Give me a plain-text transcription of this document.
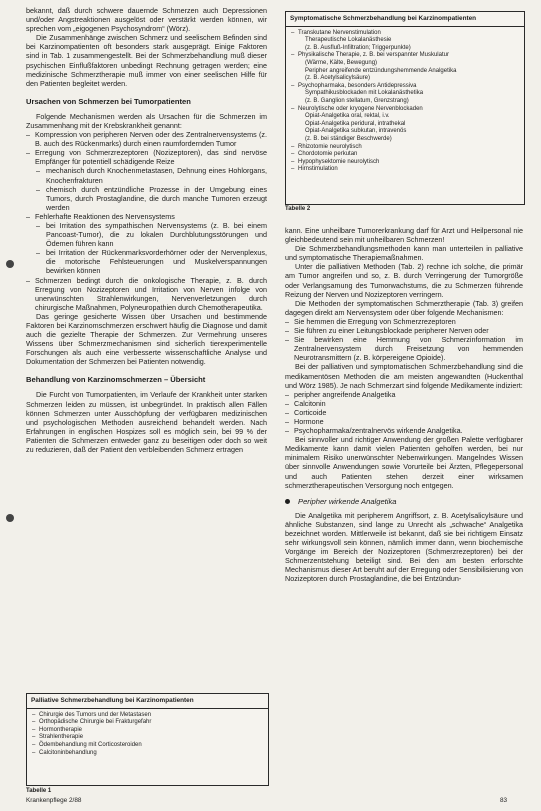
bekannt, daß durch schwere dauernde Schmerzen auch Depressionen und/oder Angstreaktionen ausgelöst oder verstärkt werden können, wir sprechen vom „eigogenen Psychosyndrom“ (Wörz).

Die Zusammenhänge zwischen Schmerz und seelischem Befinden sind bei Karzinompatienten oft besonders stark ausgeprägt. Einige Faktoren sind in Tab. 1 zusammengestellt. Bei der Schmerzbehandlung muß dieser psychischen Einflußfaktoren unbedingt Rechnung getragen werden; eine medizinische Schmerztherapie muß immer von einer seelischen Hilfe für den Patienten begleitet werden.

Ursachen von Schmerzen bei Tumorpatienten

Folgende Mechanismen werden als Ursachen für die Schmerzen im Zusammenhang mit der Krebskrankheit genannt:

– Kompression von peripheren Nerven oder des Zentralnervensystems (z. B. auch des Rückenmarks) durch einen raumfordernden Tumor
– Erregung von Schmerzrezeptoren (Nozizeptoren), das sind nervöse Empfänger für potentiell schädigende Reize
– mechanisch durch Knochenmetastasen, Dehnung eines Hohlorgans, Knochenfrakturen
– chemisch durch entzündliche Prozesse in der Umgebung eines Tumors, durch Prostaglandine, die durch manche Tumoren erzeugt werden
– Fehlerhafte Reaktionen des Nervensystems
– bei Irritation des sympathischen Nervensystems (z. B. bei einem Pancoast-Tumor), die zu lokalen Durchblutungsstörungen und Ödemen führen kann
– bei Irritation der Rückenmarksvorderhörner oder der Nervenplexus, die motorische Fehlsteuerungen und Muskelverspannungen bewirken können
– Schmerzen bedingt durch die onkologische Therapie, z. B. durch Erregung von Nozizeptoren und Irritation von Nerven infolge von unerwünschten Strahlenwirkungen, Nervenverletzungen durch chirurgische Maßnahmen, Polyneuropathien durch Chemotherapeutika.

Das geringe gesicherte Wissen über Ursachen und bestimmende Faktoren bei Karzinomschmerzen erschwert häufig die Diagnose und damit auch die gezielte Therapie der Schmerzen. Zur Vermehrung unseres Wissens über Schmerzmechanismen sind sicherlich tierexperimentelle Forschungen als auch eine verbesserte wissenschaftliche Analyse und Dokumentation der Schmerzen bei Patienten notwendig.

Behandlung von Karzinomschmerzen – Übersicht

Die Furcht von Tumorpatienten, im Verlaufe der Krankheit unter starken Schmerzen leiden zu müssen, ist unbegründet. In praktisch allen Fällen können Schmerzen unter Ausschöpfung der verfügbaren medizinischen und psychologischen Methoden ausreichend behandelt werden. Nach Erfahrungen in englischen Hospizes soll es möglich sein, bei 99 % der Patienten die Schmerzen entweder ganz zu beseitigen oder doch so weit zu reduzieren, daß der Patient den verbleibenden Schmerz ertragen

Symptomatische Schmerzbehandlung bei Karzinompatienten
– Transkutane Nervenstimulation
Therapeutische Lokalanästhesie
(z. B. Ausfluß-Infiltration; Triggerpunkte)
– Physikalische Therapie, z. B. bei verspannter Muskulatur
(Wärme, Kälte, Bewegung)
Peripher angreifende entzündungshemmende Analgetika
(z. B. Acetylsalicylsäure)
– Psychopharmaka, besonders Antidepressiva
Sympathikusblockaden mit Lokalanästhetika
(z. B. Ganglion stellatum, Grenzstrang)
– Neurolytische oder kryogene Nervenblockaden
Opiat-Analgetika oral, rektal, i.v.
Opiat-Analgetika peridural, intrathekal
Opiat-Analgetika subkutan, intravenös
(z. B. bei ständiger Beschwerde)
– Rhizotomie neurolytisch
– Chordotomie perkutan
– Hypophysektomie neurolytisch
– Hirnstimulation
Tabelle 2

kann. Eine unheilbare Tumorerkrankung darf für Arzt und Heilpersonal nie gleichbedeutend sein mit unheilbaren Schmerzen!

Die Schmerzbehandlungsmethoden kann man unterteilen in palliative und symptomatische Therapiemaßnahmen.

Unter die palliativen Methoden (Tab. 2) rechne ich solche, die primär am Tumor angreifen und so, z. B. durch Verringerung der Tumorgröße oder Verlangsamung des Tumorwachstums, die zu Schmerzen führende Reizung der Nerven und Nozizeptoren verringern.

Die Methoden der symptomatischen Schmerztherapie (Tab. 3) greifen dagegen direkt am Nervensystem oder über folgende Mechanismen:

– Sie hemmen die Erregung von Schmerzrezeptoren
– Sie führen zu einer Leitungsblockade peripherer Nerven oder
– Sie bewirken eine Hemmung von Schmerzinformation im Zentralnervensystem durch Freisetzung von hemmenden Neurotransmittern (z. B. körpereigene Opioide).

Bei der palliativen und symptomatischen Schmerzbehandlung sind die medikamentösen Methoden die am meisten angewandten (Huckenthal und Wörz 1985). Je nach Schmerzart sind folgende Medikamente indiziert:

– peripher angreifende Analgetika
– Calcitonin
– Corticoide
– Hormone
– Psychopharmaka/zentralnervös wirkende Analgetika.

Bei sinnvoller und richtiger Anwendung der großen Palette verfügbarer Medikamente kann damit vielen Patienten geholfen werden, bei nur minimalem Risiko unerwünschter Nebenwirkungen. Mangelndes Wissen über sinnvolle Anwendungen sowie Vorurteile bei Ärzten, Pflegepersonal und auch Patienten stehen derzeit einer wirksamen schmerztherapeutischen Versorgung noch entgegen.

Peripher wirkende Analgetika

Die Analgetika mit peripherem Angriffsort, z. B. Acetylsalicylsäure und ähnliche Substanzen, sind lange zu Unrecht als „schwache“ Analgetika bezeichnet worden. Mittlerweile ist bekannt, daß sie bei richtigem Einsatz sehr wirkungsvoll sein können, nämlich immer dann, wenn biochemische Vorgänge im Bereich der Nozizeptoren (Schmerzrezeptoren) bei der Schmerzentstehung beteiligt sind. Bei den am besten erforschte Mechanismus dieser Art beruht auf der Erregung oder Sensibilisierung von Nozizeptoren durch Prostaglandine, die bei Entzündun-

Palliative Schmerzbehandlung bei Karzinompatienten
– Chirurgie des Tumors und der Metastasen
– Orthopädische Chirurgie bei Frakturgefahr
– Hormontherapie
– Strahlentherapie
– Ödembehandlung mit Corticosteroiden
– Calcitoninbehandlung
Tabelle 1
Krankenpflege 2/88	83
